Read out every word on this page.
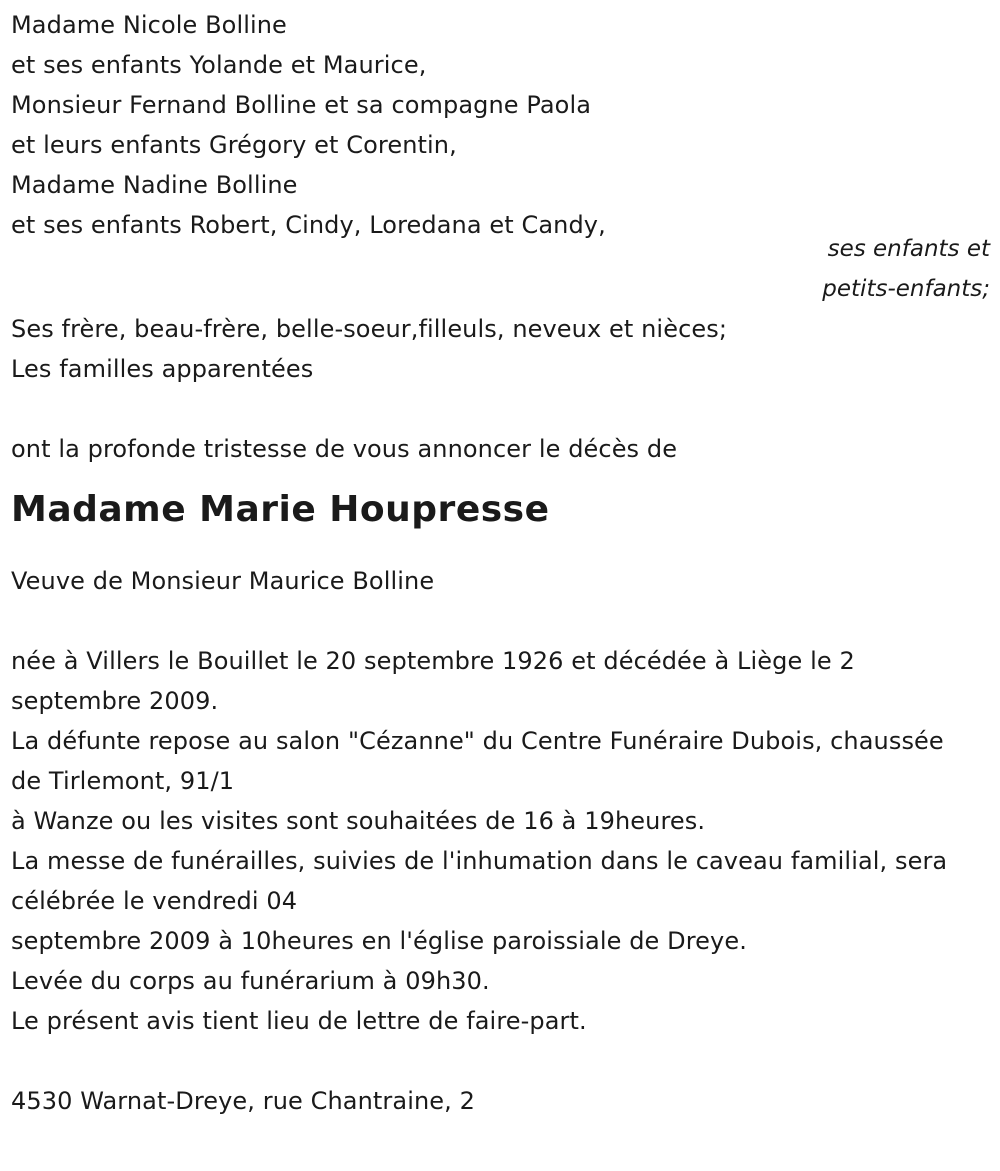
Madame Nicole Bolline
et ses enfants Yolande et Maurice,
Monsieur Fernand Bolline et sa compagne Paola
et leurs enfants Grégory et Corentin,
Madame Nadine Bolline
et ses enfants Robert, Cindy, Loredana et Candy,
ses enfants et
petits-enfants;
Ses frère, beau-frère, belle-soeur,filleuls, neveux et nièces;
Les familles apparentées
ont la profonde tristesse de vous annoncer le décès de
Madame Marie Houpresse
Veuve de Monsieur Maurice Bolline
née à Villers le Bouillet le 20 septembre 1926 et décédée à Liège le 2 septembre 2009.
La défunte repose au salon "Cézanne" du Centre Funéraire Dubois, chaussée de Tirlemont, 91/1
à Wanze ou les visites sont souhaitées de 16 à 19heures.
La messe de funérailles, suivies de l'inhumation dans le caveau familial, sera célébrée le vendredi 04
septembre 2009 à 10heures en l'église paroissiale de Dreye.
Levée du corps au funérarium à 09h30.
Le présent avis tient lieu de lettre de faire-part.
4530 Warnat-Dreye, rue Chantraine, 2
